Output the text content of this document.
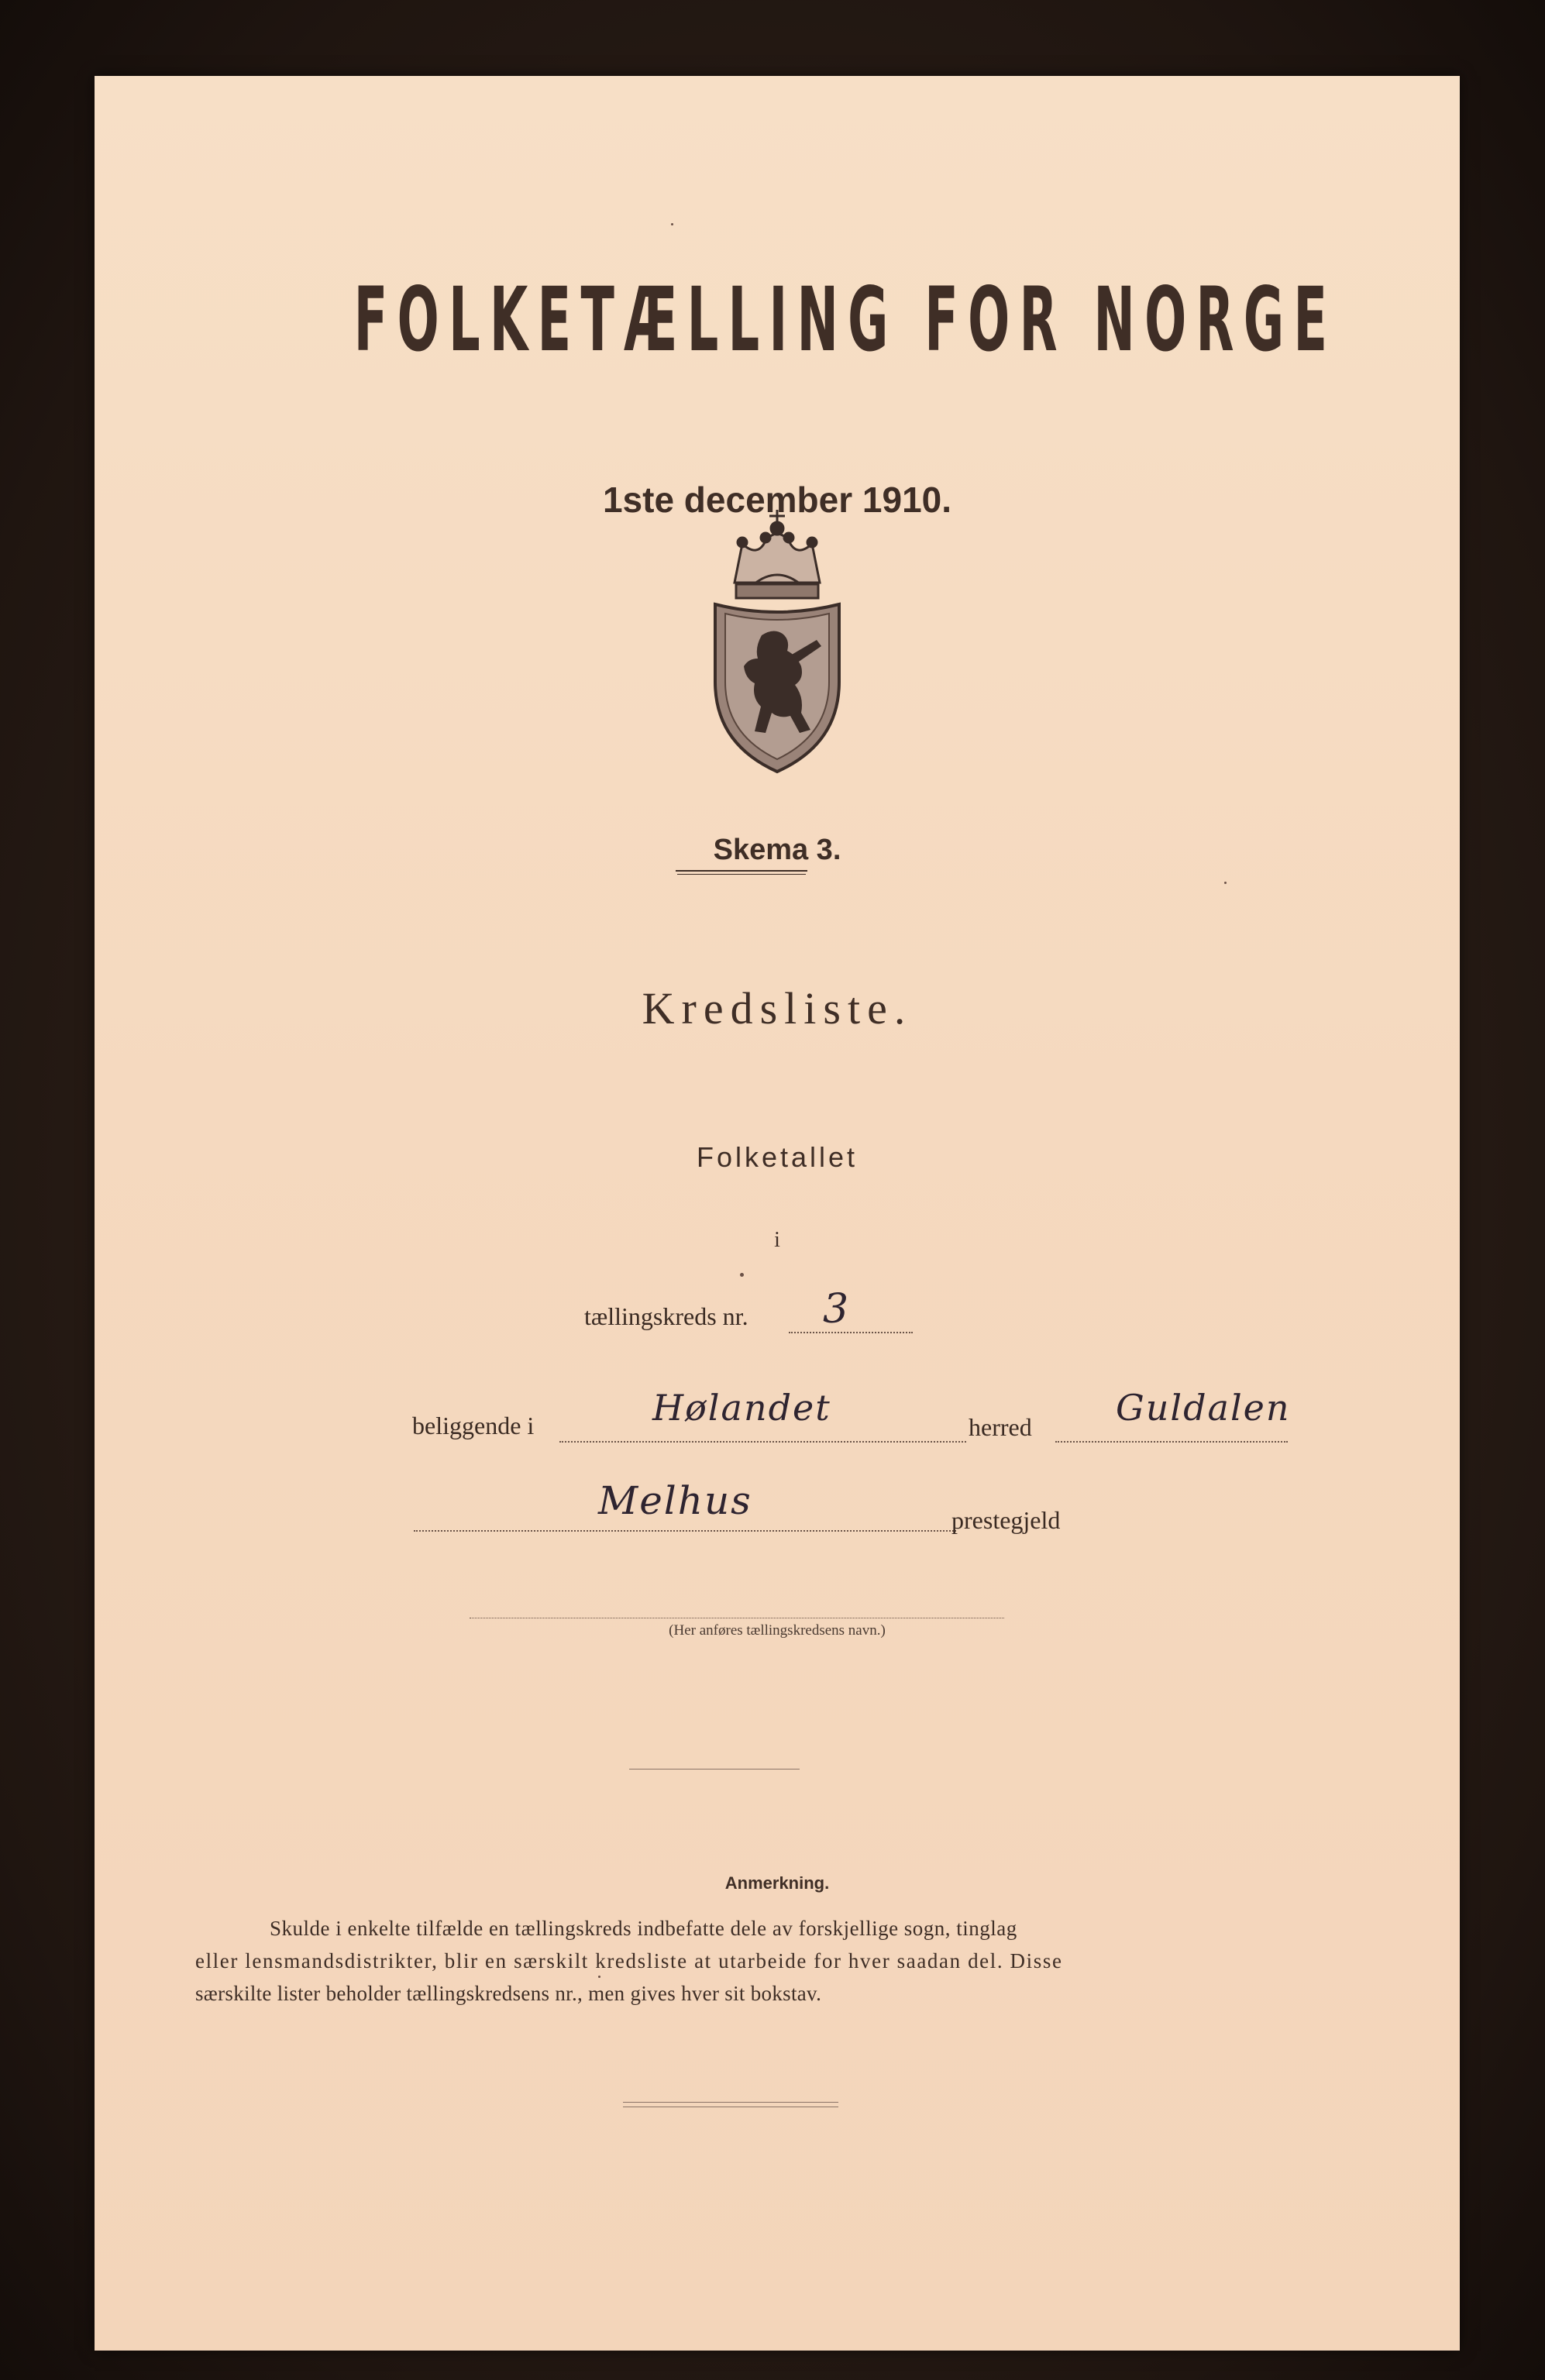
FOLKETÆLLING FOR NORGE
1ste december 1910.
Skema 3.
Kredsliste.
Folketallet
i
tællingskreds nr. 3
beliggende i	Hølandet	herred Guldalen
Melhus	prestegjeld
(Her anføres tællingskredsens navn.)
Anmerkning.
Skulde i enkelte tilfælde en tællingskreds indbefatte dele av forskjellige sogn, tinglag
eller lensmandsdistrikter, blir en særskilt kredsliste at utarbeide for hver saadan del. Disse
særskilte lister beholder tællingskredsens nr., men gives hver sit bokstav.
